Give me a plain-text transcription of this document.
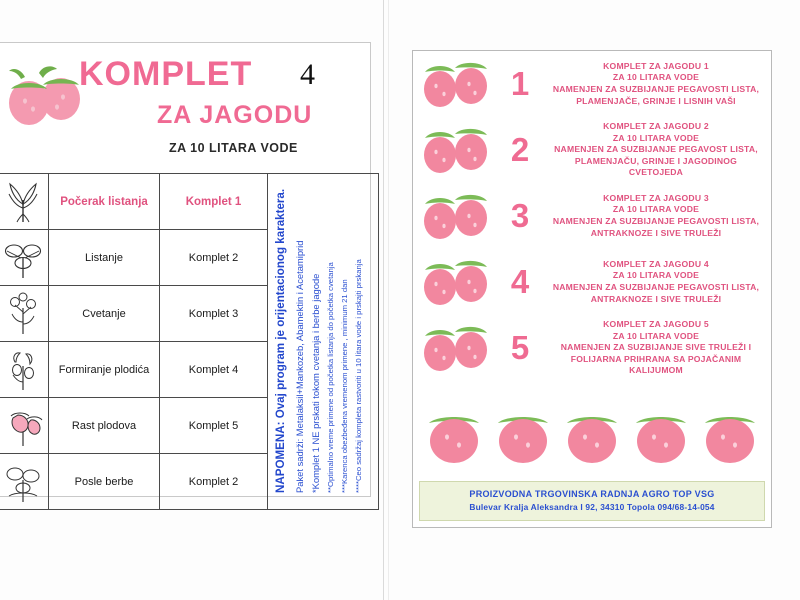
KOMPLET
ZA JAGODU
ZA 10 LITARA VODE
	Počerak listanja	Komplet 1	NAPOMENA: Ovaj program je orijentacionog karaktera. Paket sadrži: Metalaksil+Mankozeb, Abamektin i Acetamiprid *Komplet 1 NE prskati tokom cvetanja i berbe jagode **Optimalno vreme primene od početka listanja do početka cvetanja ***Karenca obezbeđena vremenom primene , minimum 21 dan ****Ceo sadržaj kompleta rastvoriti u 10 litara vode i prskajti prskanja

	Listanje	Komplet 2	

	Cvetanje	Komplet 3	

	Formiranje plodića	Komplet 4	

	Rast plodova	Komplet 5	

	Posle berbe	Komplet 2	
1	KOMPLET ZA JAGODU 1
ZA 10 LITARA VODE
NAMENJEN ZA SUZBIJANJE PEGAVOSTI LISTA,
PLAMENJAČE, GRINJE I LISNIH VAŠI
2
KOMPLET ZA JAGODU 2
ZA 10 LITARA VODE
NAMENJEN ZA SUZBIJANJE PEGAVOST LISTA,
PLAMENJAČU, GRINJE I JAGODINOG
CVETOJEDA
3	KOMPLET ZA JAGODU 3
ZA 10 LITARA VODE
NAMENJEN ZA SUZBIJANJE PEGAVOSTI LISTA,
ANTRAKNOZE I SIVE TRULEŽI
4	KOMPLET ZA JAGODU 4
ZA 10 LITARA VODE
NAMENJEN ZA SUZBIJANJE PEGAVOSTI LISTA,
ANTRAKNOZE I SIVE TRULEŽI
5
KOMPLET ZA JAGODU 5
ZA 10 LITARA VODE
NAMENJEN ZA SUZBIJANJE SIVE TRULEŽI I
FOLIJARNA PRIHRANA SA POJAČANIM
KALIJUMOM
PROIZVODNA TRGOVINSKA RADNJA AGRO TOP VSG
Bulevar Kralja Aleksandra I 92, 34310 Topola 094/68-14-054
4
